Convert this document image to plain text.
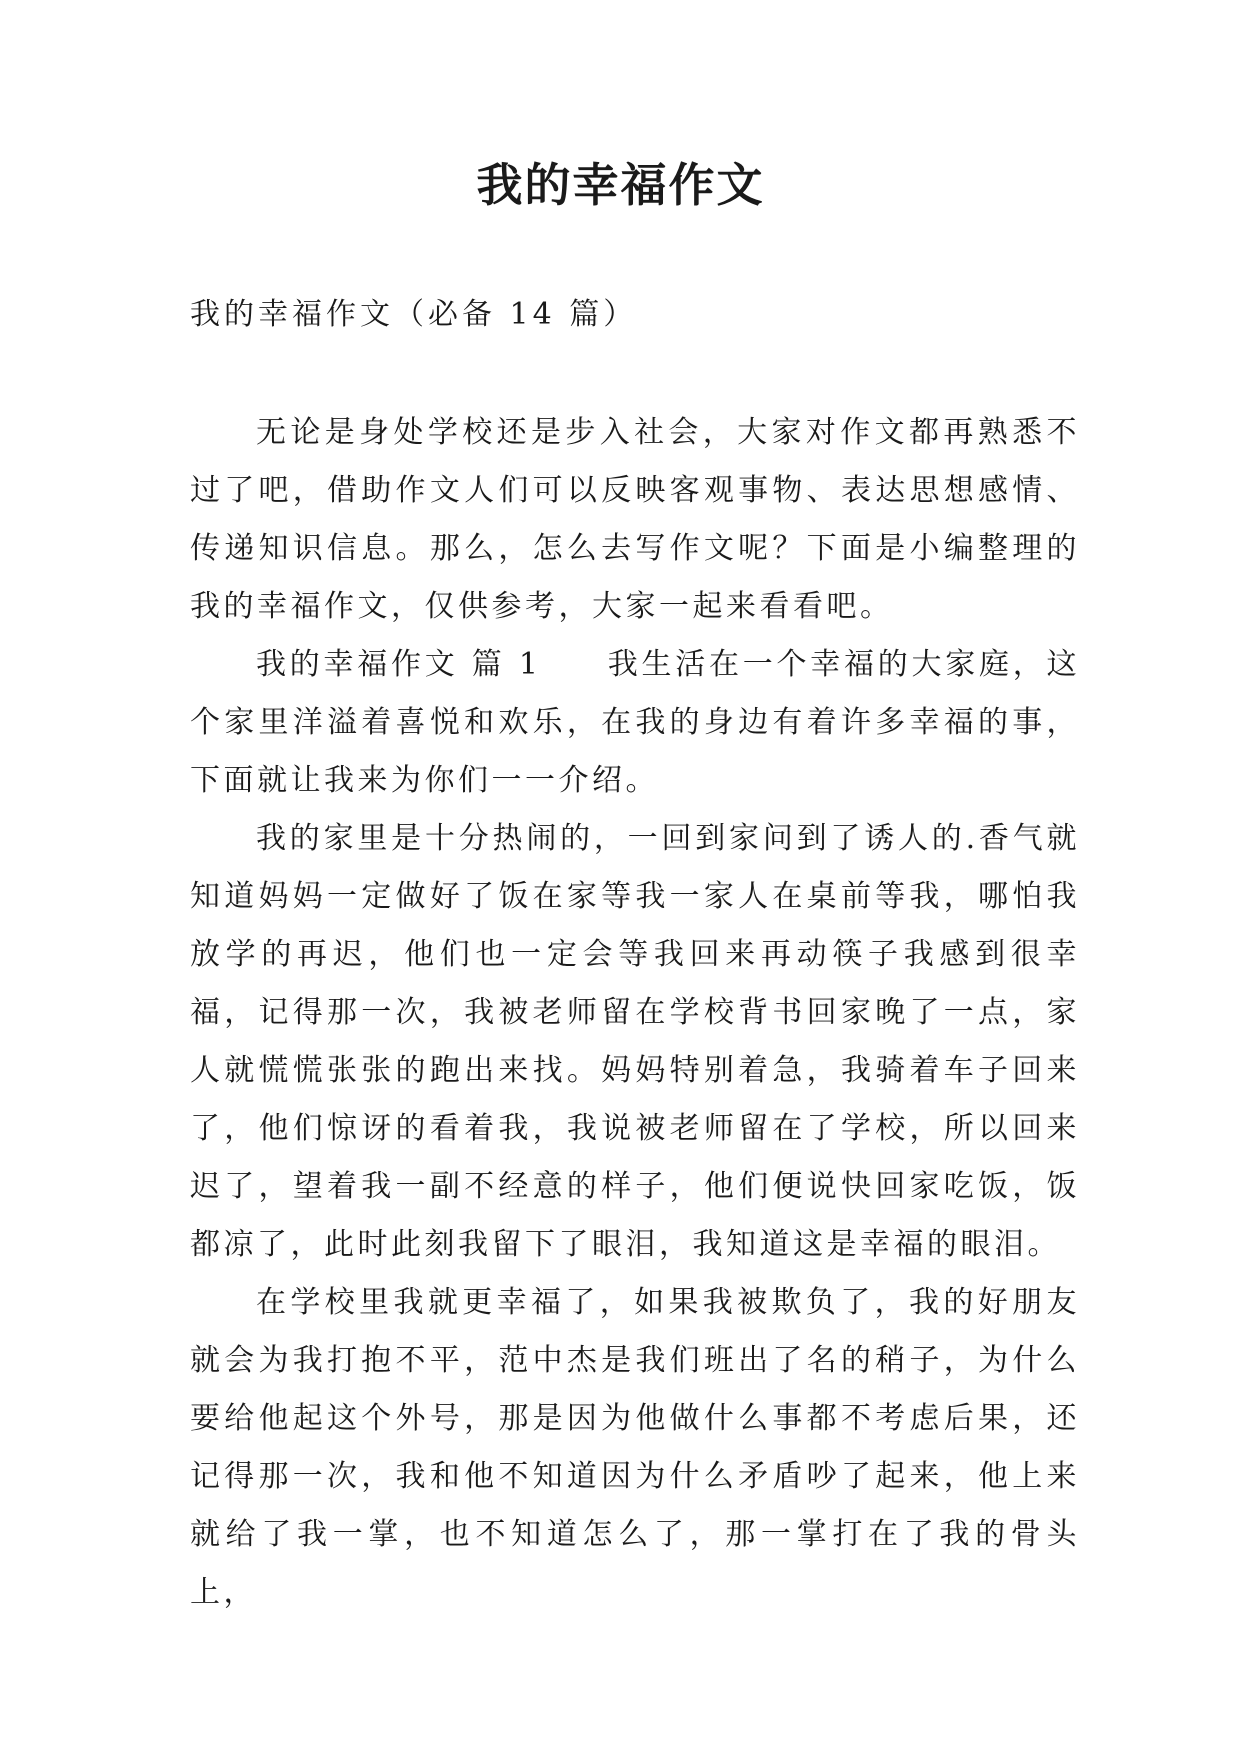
我的幸福作文

我的幸福作文（必备 14 篇）

无论是身处学校还是步入社会，大家对作文都再熟悉不过了吧，借助作文人们可以反映客观事物、表达思想感情、传递知识信息。那么，怎么去写作文呢？下面是小编整理的我的幸福作文，仅供参考，大家一起来看看吧。

我的幸福作文 篇 1 我生活在一个幸福的大家庭，这个家里洋溢着喜悦和欢乐，在我的身边有着许多幸福的事，下面就让我来为你们一一介绍。

我的家里是十分热闹的，一回到家问到了诱人的.香气就知道妈妈一定做好了饭在家等我一家人在桌前等我，哪怕我放学的再迟，他们也一定会等我回来再动筷子我感到很幸福，记得那一次，我被老师留在学校背书回家晚了一点，家人就慌慌张张的跑出来找。妈妈特别着急，我骑着车子回来了，他们惊讶的看着我，我说被老师留在了学校，所以回来迟了，望着我一副不经意的样子，他们便说快回家吃饭，饭都凉了，此时此刻我留下了眼泪，我知道这是幸福的眼泪。

在学校里我就更幸福了，如果我被欺负了，我的好朋友就会为我打抱不平，范中杰是我们班出了名的稍子，为什么要给他起这个外号，那是因为他做什么事都不考虑后果，还记得那一次，我和他不知道因为什么矛盾吵了起来，他上来就给了我一掌，也不知道怎么了，那一掌打在了我的骨头上，
